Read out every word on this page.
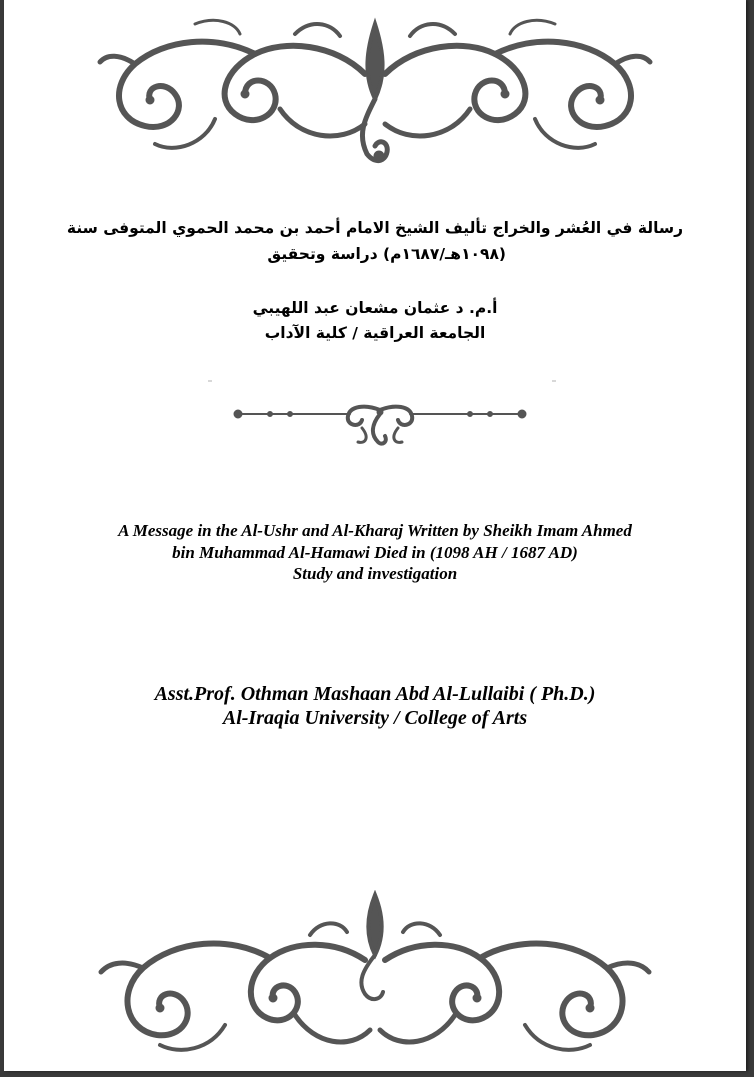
رسالة في العُشر والخراج تأليف الشيخ الامام أحمد بن محمد الحموي المتوفى سنة
(١٠٩٨هـ/١٦٨٧م) دراسة وتحقيق
أ.م. د عثمان مشعان عبد اللهيبي
الجامعة العراقية / كلية الآداب
A Message in the Al-Ushr and Al-Kharaj Written by Sheikh Imam Ahmed
bin Muhammad Al-Hamawi Died in (1098 AH / 1687 AD)
Study and investigation
Asst.Prof. Othman Mashaan Abd Al-Lullaibi ( Ph.D.)
Al-Iraqia University / College of Arts
